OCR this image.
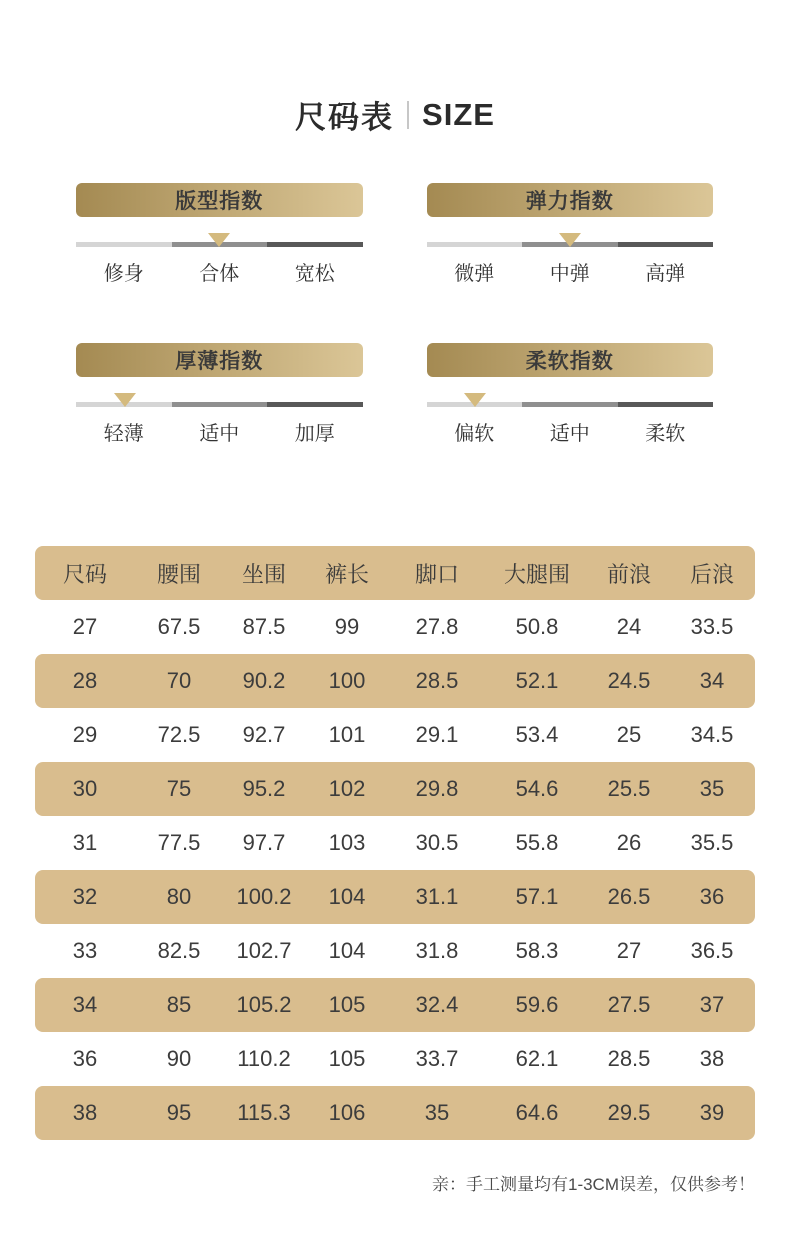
尺码表 SIZE
版型指数
修身	合体	宽松
弹力指数
微弹	中弹	高弹
厚薄指数
轻薄	适中	加厚
柔软指数
偏软	适中	柔软
尺码	腰围	坐围	裤长	脚口	大腿围	前浪	后浪
27	67.5	87.5	99	27.8	50.8	24	33.5
28	70	90.2	100	28.5	52.1	24.5	34
29	72.5	92.7	101	29.1	53.4	25	34.5
30	75	95.2	102	29.8	54.6	25.5	35
31	77.5	97.7	103	30.5	55.8	26	35.5
32	80	100.2	104	31.1	57.1	26.5	36
33	82.5	102.7	104	31.8	58.3	27	36.5
34	85	105.2	105	32.4	59.6	27.5	37
36	90	110.2	105	33.7	62.1	28.5	38
38	95	115.3	106	35	64.6	29.5	39
亲：手工测量均有1-3CM误差，仅供参考！
